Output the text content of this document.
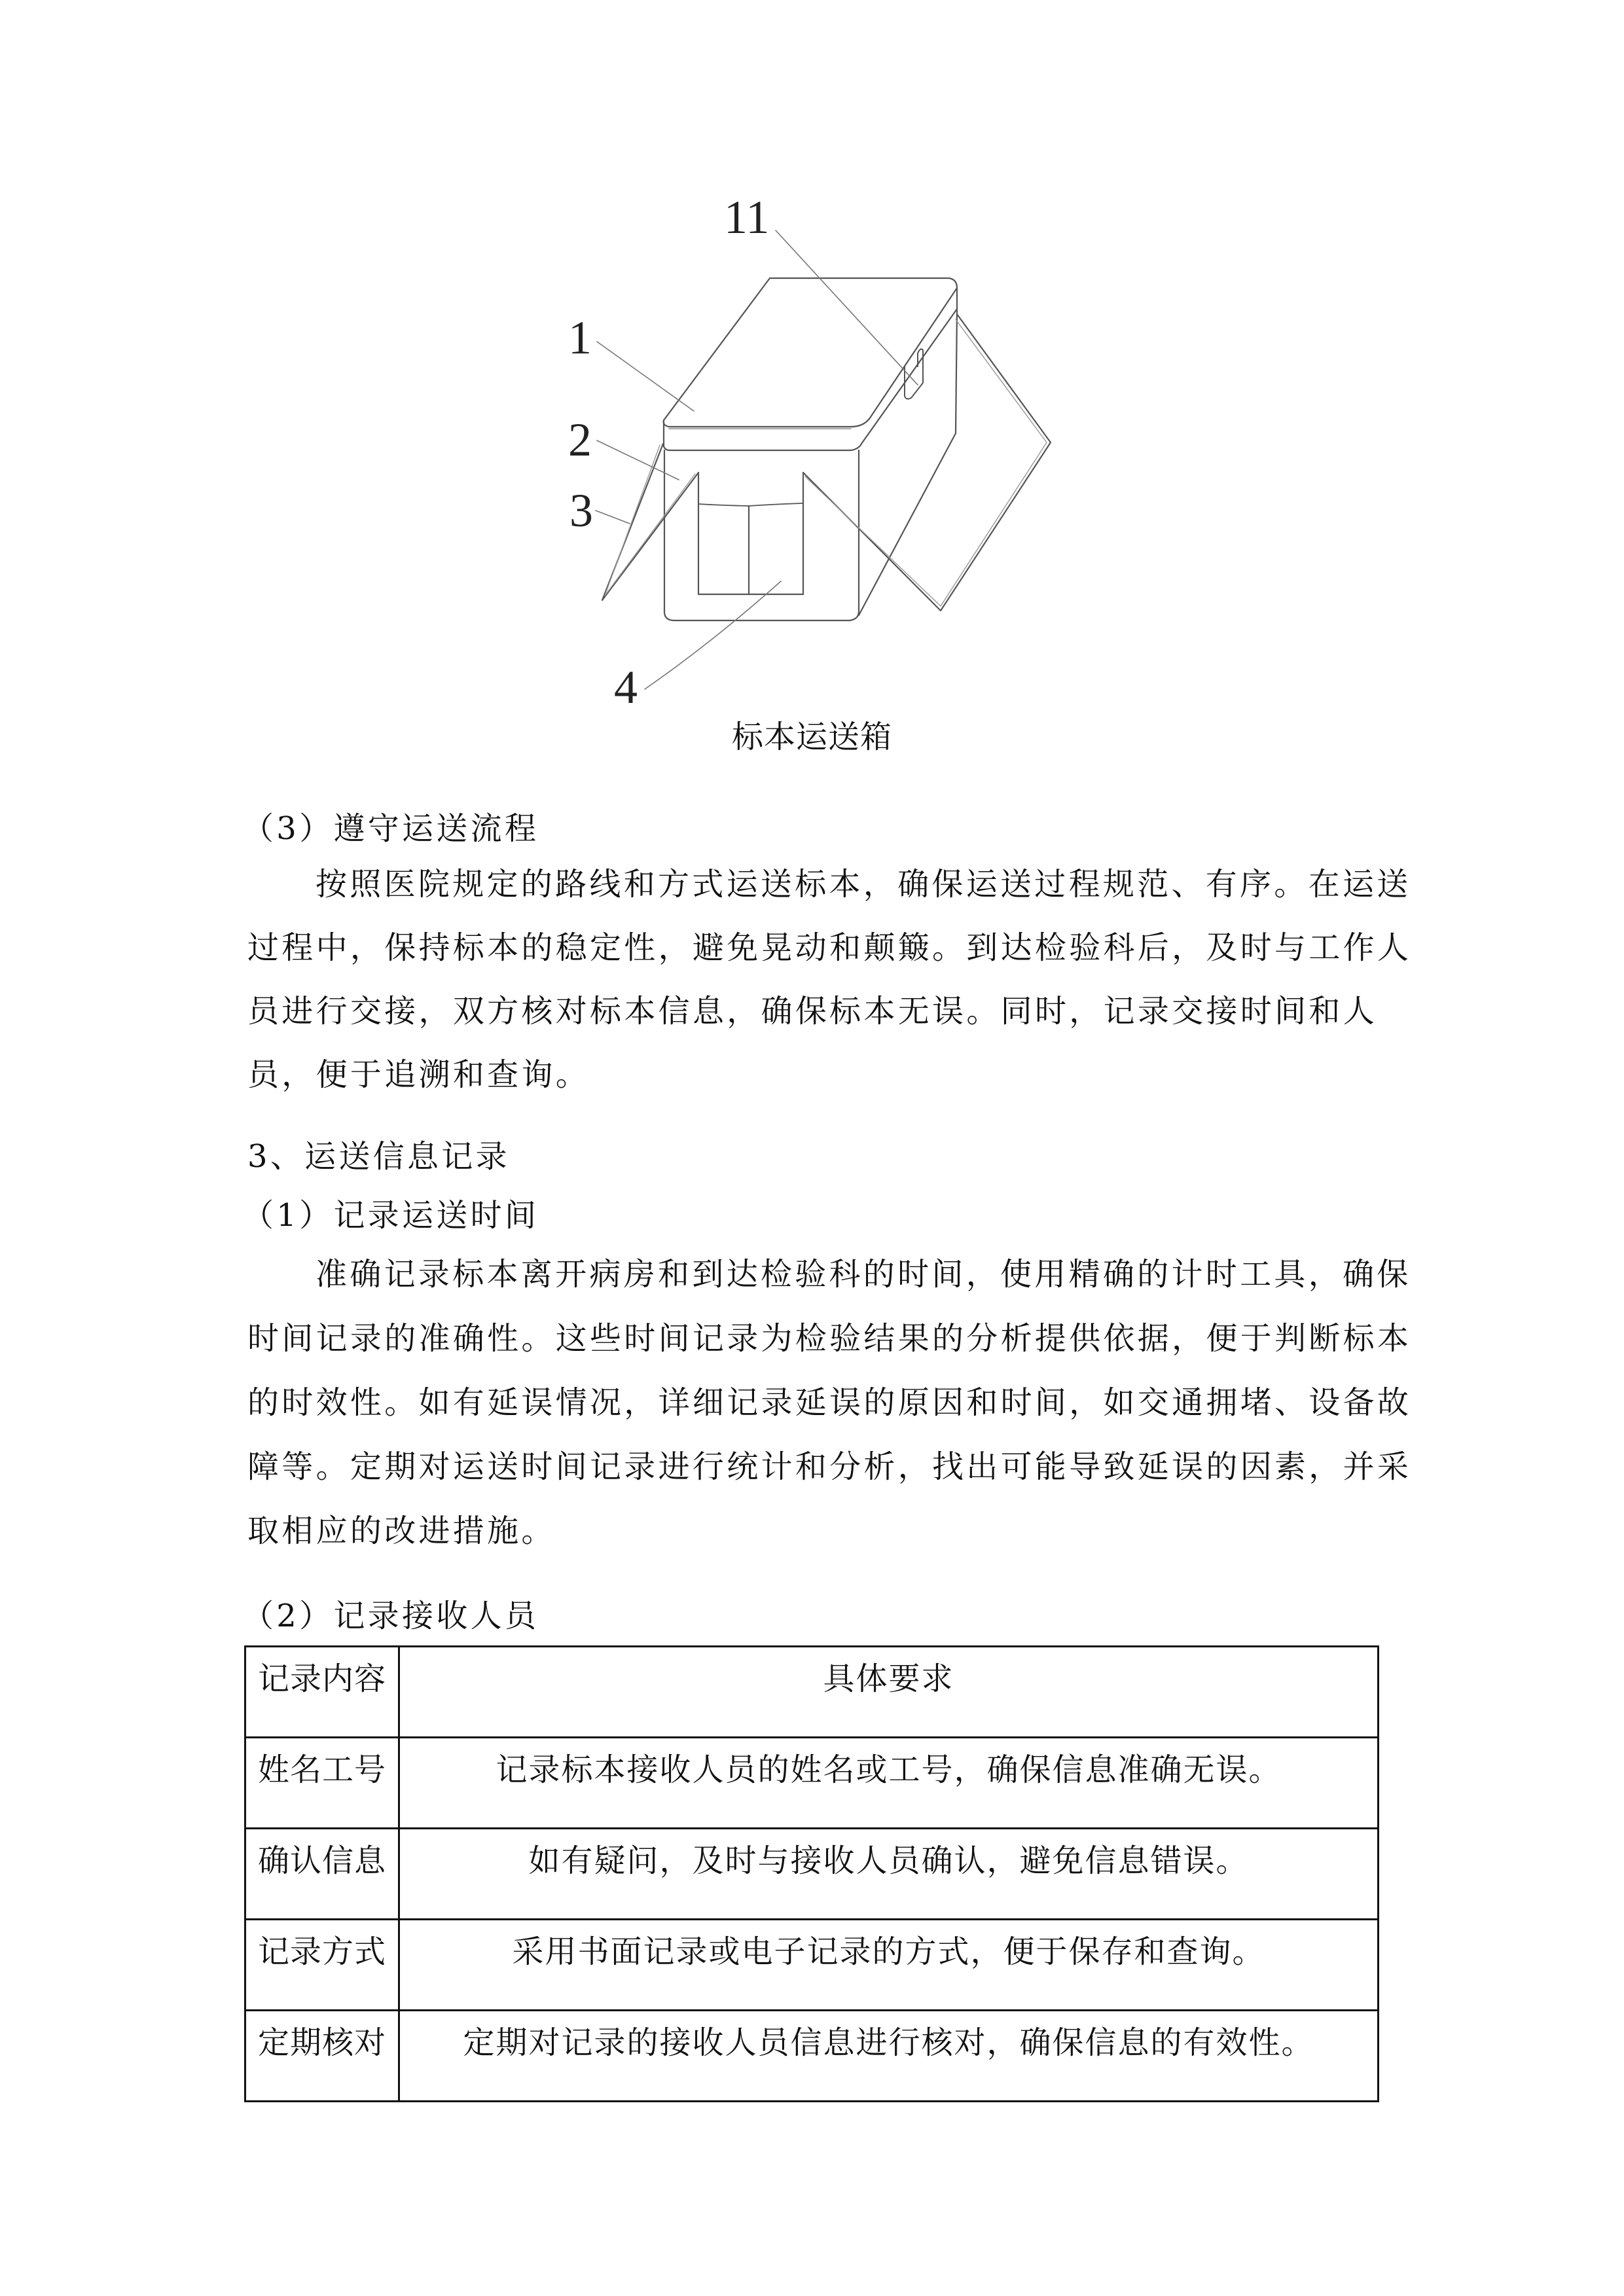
11
1
2
3
4
标本运送箱
（3）遵守运送流程
按照医院规定的路线和方式运送标本，确保运送过程规范、有序。在运送
过程中，保持标本的稳定性，避免晃动和颠簸。到达检验科后，及时与工作人
员进行交接，双方核对标本信息，确保标本无误。同时，记录交接时间和人
员，便于追溯和查询。
3、运送信息记录
（1）记录运送时间
准确记录标本离开病房和到达检验科的时间，使用精确的计时工具，确保
时间记录的准确性。这些时间记录为检验结果的分析提供依据，便于判断标本
的时效性。如有延误情况，详细记录延误的原因和时间，如交通拥堵、设备故
障等。定期对运送时间记录进行统计和分析，找出可能导致延误的因素，并采
取相应的改进措施。
（2）记录接收人员
记录内容	具体要求
姓名工号	记录标本接收人员的姓名或工号，确保信息准确无误。
确认信息	如有疑问，及时与接收人员确认，避免信息错误。
记录方式	采用书面记录或电子记录的方式，便于保存和查询。
定期核对	定期对记录的接收人员信息进行核对，确保信息的有效性。
